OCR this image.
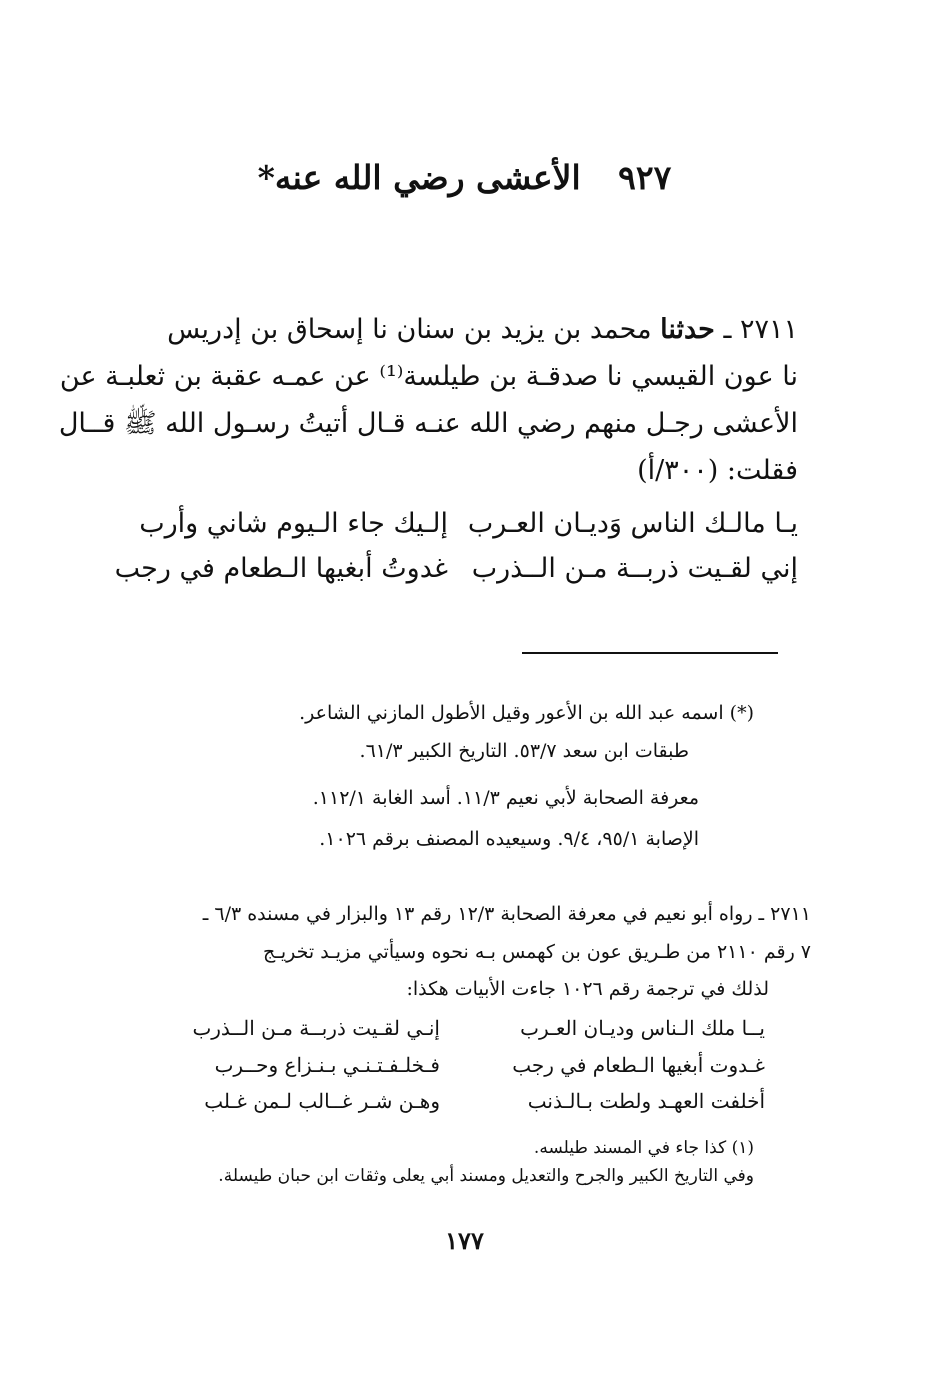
٩٢٧ الأعشى رضي الله عنه*
٢٧١١ ـ حدثنا محمد بن يزيد بن سنان نا إسحاق بن إدريس
نا عون القيسي نا صدقـة بن طيلسة⁽¹⁾ عن عمـه عقبة بن ثعلبـة عن
الأعشى رجـل منهم رضي الله عنـه قـال أتيتُ رسـول الله ﷺ قــال
فقلت: (٣٠٠/أ)
يـا مالـك الناس وَديـان العـرب
إلـيك جاء الـيوم شاني وأرب
إني لقـيت ذربــة مـن الــذرب
غدوتُ أبغيها الـطعام في رجب
(*) اسمه عبد الله بن الأعور وقيل الأطول المازني الشاعر.
طبقات ابن سعد ٥٣/٧. التاريخ الكبير ٦١/٣.
معرفة الصحابة لأبي نعيم ١١/٣. أسد الغابة ١١٢/١.
الإصابة ٩٥/١، ٩/٤. وسيعيده المصنف برقم ١٠٢٦.
٢٧١١ ـ رواه أبو نعيم في معرفة الصحابة ١٢/٣ رقم ١٣ والبزار في مسنده ٦/٣ ـ
٧ رقم ٢١١٠ من طـريق عون بن كهمس بـه نحوه وسيأتي مزيـد تخريـج
لذلك في ترجمة رقم ١٠٢٦ جاءت الأبيات هكذا:
يــا ملك الـناس وديـان العـرب
إنـي لقـيت ذربــة مـن الــذرب
غـدوت أبغيها الـطعام في رجب
فـخلـفـتـنـي بـنـزاع وحــرب
أخلفت العهـد ولطت بـالـذنب
وهـن شـر غــالب لـمن غـلب
(١) كذا جاء في المسند طيلسه.
وفي التاريخ الكبير والجرح والتعديل ومسند أبي يعلى وثقات ابن حبان طيسلة.
١٧٧
